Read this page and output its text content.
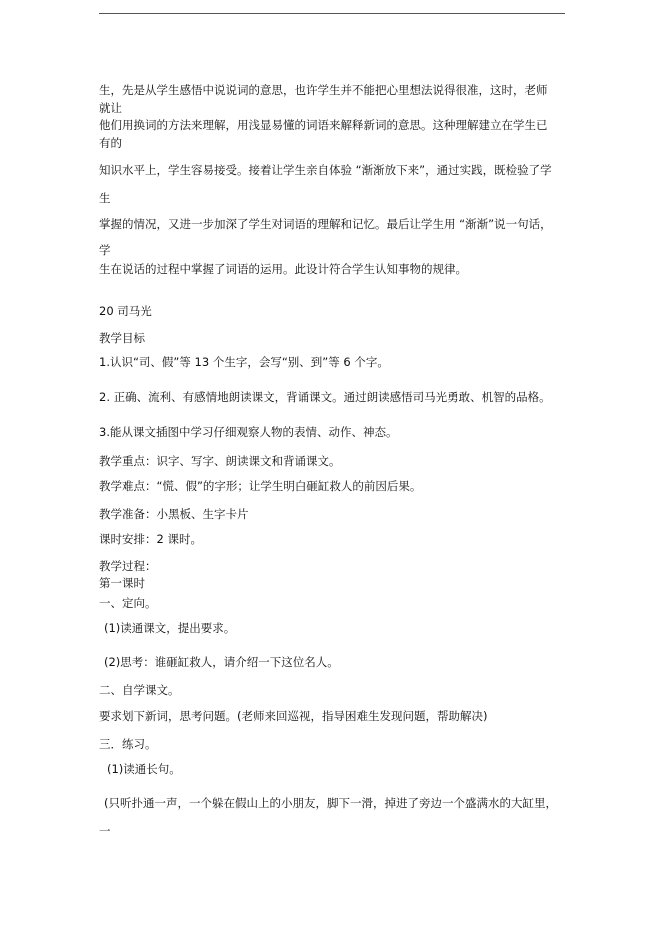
生，先是从学生感悟中说说词的意思，也许学生并不能把心里想法说得很准，这时，老师
就让
他们用换词的方法来理解，用浅显易懂的词语来解释新词的意思。这种理解建立在学生已
有的
知识水平上，学生容易接受。接着让学生亲自体验 “渐渐放下来”，通过实践，既检验了学
生
掌握的情况，又进一步加深了学生对词语的理解和记忆。最后让学生用 “渐渐”说一句话，
学
生在说话的过程中掌握了词语的运用。此设计符合学生认知事物的规律。
20 司马光
教学目标
1.认识“司、假”等 13 个生字，会写“别、到”等 6 个字。
2. 正确、流利、有感情地朗读课文，背诵课文。通过朗读感悟司马光勇敢、机智的品格。
3.能从课文插图中学习仔细观察人物的表情、动作、神态。
教学重点：识字、写字、朗读课文和背诵课文。
教学难点：“慌、假”的字形；让学生明白砸缸救人的前因后果。
教学准备：小黑板、生字卡片
课时安排：2 课时。
教学过程：
第一课时
一、定向。
(1)读通课文，提出要求。
(2)思考：谁砸缸救人，请介绍一下这位名人。
二、自学课文。
要求划下新词，思考问题。(老师来回巡视，指导困难生发现问题，帮助解决)
三．练习。
(1)读通长句。
(只听扑通一声，一个躲在假山上的小朋友，脚下一滑，掉进了旁边一个盛满水的大缸里，
一
